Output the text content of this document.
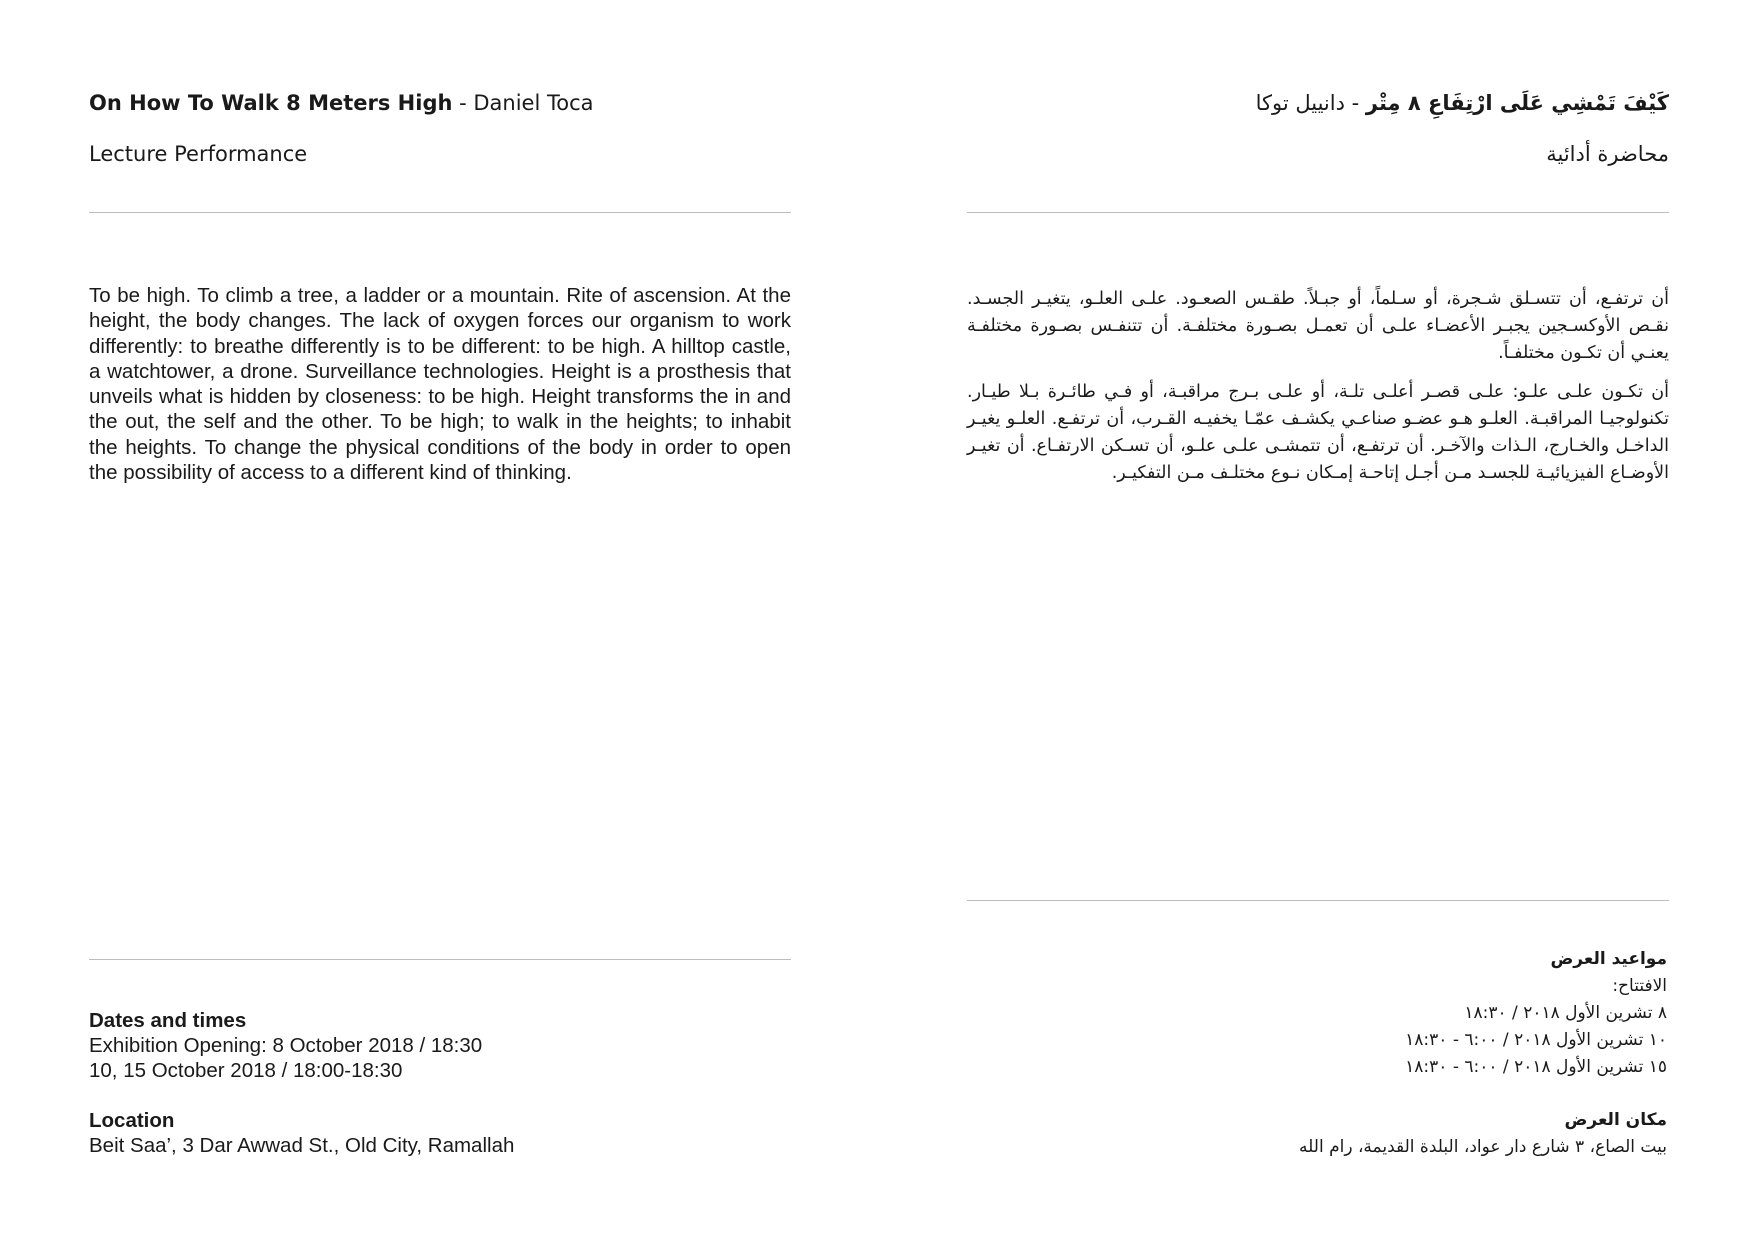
On How To Walk 8 Meters High - Daniel Toca
Lecture Performance
To be high. To climb a tree, a ladder or a mountain. Rite of ascension. At the height, the body changes. The lack of oxygen forces our organism to work differently: to breathe differently is to be different: to be high. A hilltop castle, a watchtower, a drone. Surveillance technologies. Height is a prosthesis that unveils what is hidden by closeness: to be high. Height transforms the in and the out, the self and the other. To be high; to walk in the heights; to inhabit the heights. To change the physical conditions of the body in order to open the possibility of access to a different kind of thinking.
Dates and times
Exhibition Opening: 8 October 2018 / 18:30
10, 15 October 2018 / 18:00-18:30
Location
Beit Saa’, 3 Dar Awwad St., Old City, Ramallah
كَيْفَ تَمْشِي عَلَى ارْتِفَاعِ ٨ مِتْر - دانييل توكا
محاضرة أدائية

أن ترتفـع، أن تتسـلق شـجرة، أو سـلماً، أو جبـلاً. طقـس الصعـود. علـى العلـو، يتغيـر الجسـد. نقـص الأوكسـجين يجبـر الأعضـاء علـى أن تعمـل بصـورة مختلفـة. أن تتنفـس بصـورة مختلفـة يعنـي أن تكـون مختلفـاً.

أن تكـون علـى علـو: علـى قصـر أعلـى تلـة، أو علـى بـرج مراقبـة، أو فـي طائـرة بـلا طيـار. تكنولوجيـا المراقبـة. العلـو هـو عضـو صناعـي يكشـف عمّـا يخفيـه القـرب، أن ترتفـع. العلـو يغيـر الداخـل والخـارج، الـذات والآخـر. أن ترتفـع، أن تتمشـى علـى علـو، أن تسـكن الارتفـاع. أن تغيـر الأوضـاع الفيزيائيـة للجسـد مـن أجـل إتاحـة إمـكان نـوع مختلـف مـن التفكيـر.

مواعيد العرض
الافتتاح:
٨ تشرين الأول ٢٠١٨ / ١٨:٣٠
١٠ تشرين الأول ٢٠١٨ / ٦:٠٠ - ١٨:٣٠
١٥ تشرين الأول ٢٠١٨ / ٦:٠٠ - ١٨:٣٠
مكان العرض
بيت الصاع، ٣ شارع دار عواد، البلدة القديمة، رام الله
